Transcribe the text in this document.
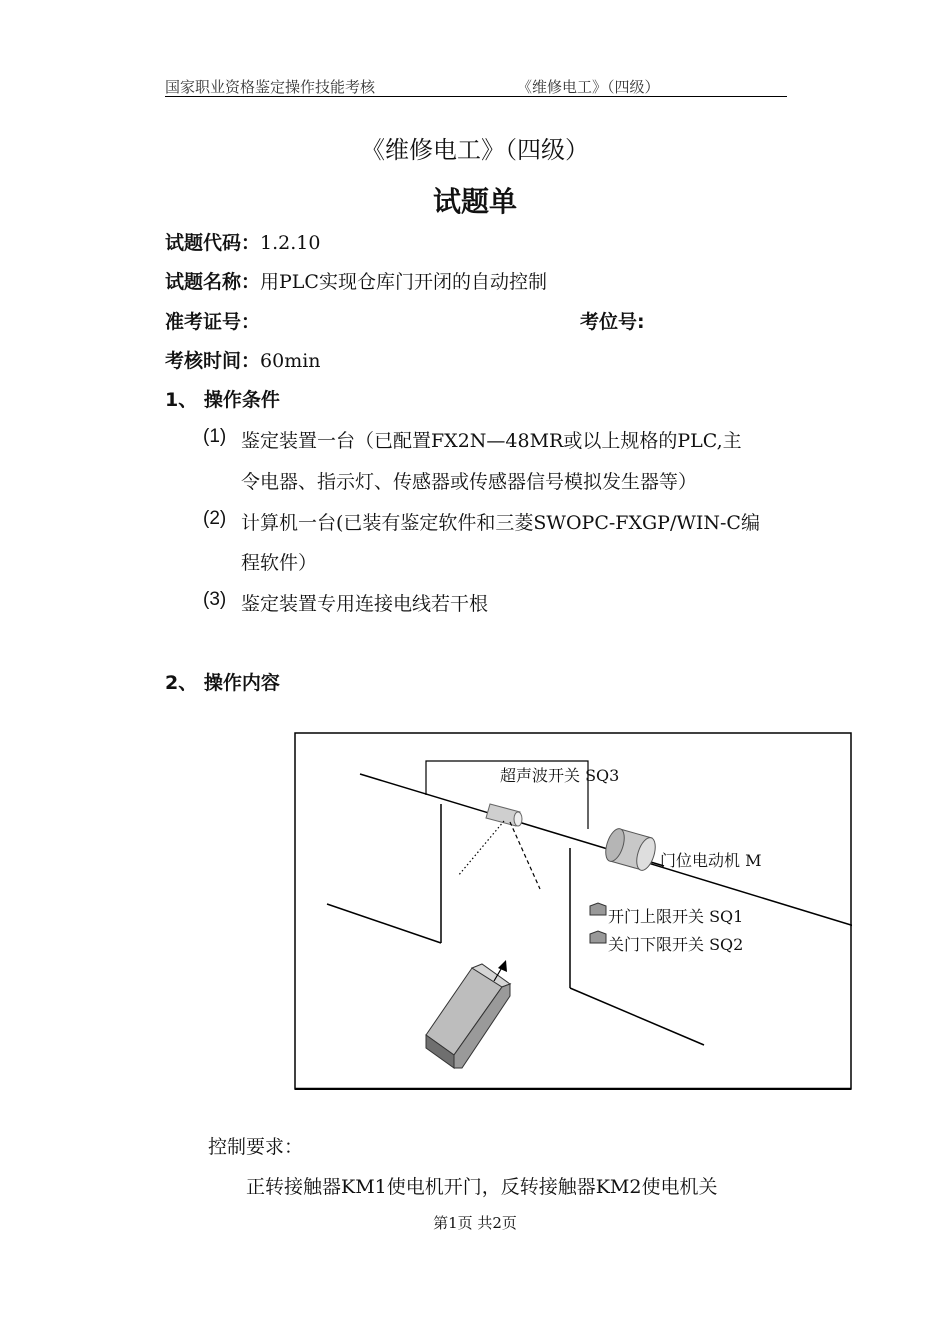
国家职业资格鉴定操作技能考核	《维修电工》（四级）
《维修电工》（四级）
试题单
试题代码：1.2.10
试题名称：用PLC实现仓库门开闭的自动控制
准考证号：	考位号:
考核时间：60min
1、 操作条件
(1) 鉴定装置一台（已配置FX2N—48MR或以上规格的PLC,主
令电器、指示灯、传感器或传感器信号模拟发生器等）
(2) 计算机一台(已装有鉴定软件和三菱SWOPC-FXGP/WIN-C编
程软件）
(3) 鉴定装置专用连接电线若干根
2、 操作内容
超声波开关 SQ3
门位电动机 M
开门上限开关 SQ1
关门下限开关 SQ2
控制要求：
正转接触器KM1使电机开门，反转接触器KM2使电机关
第1页 共2页
